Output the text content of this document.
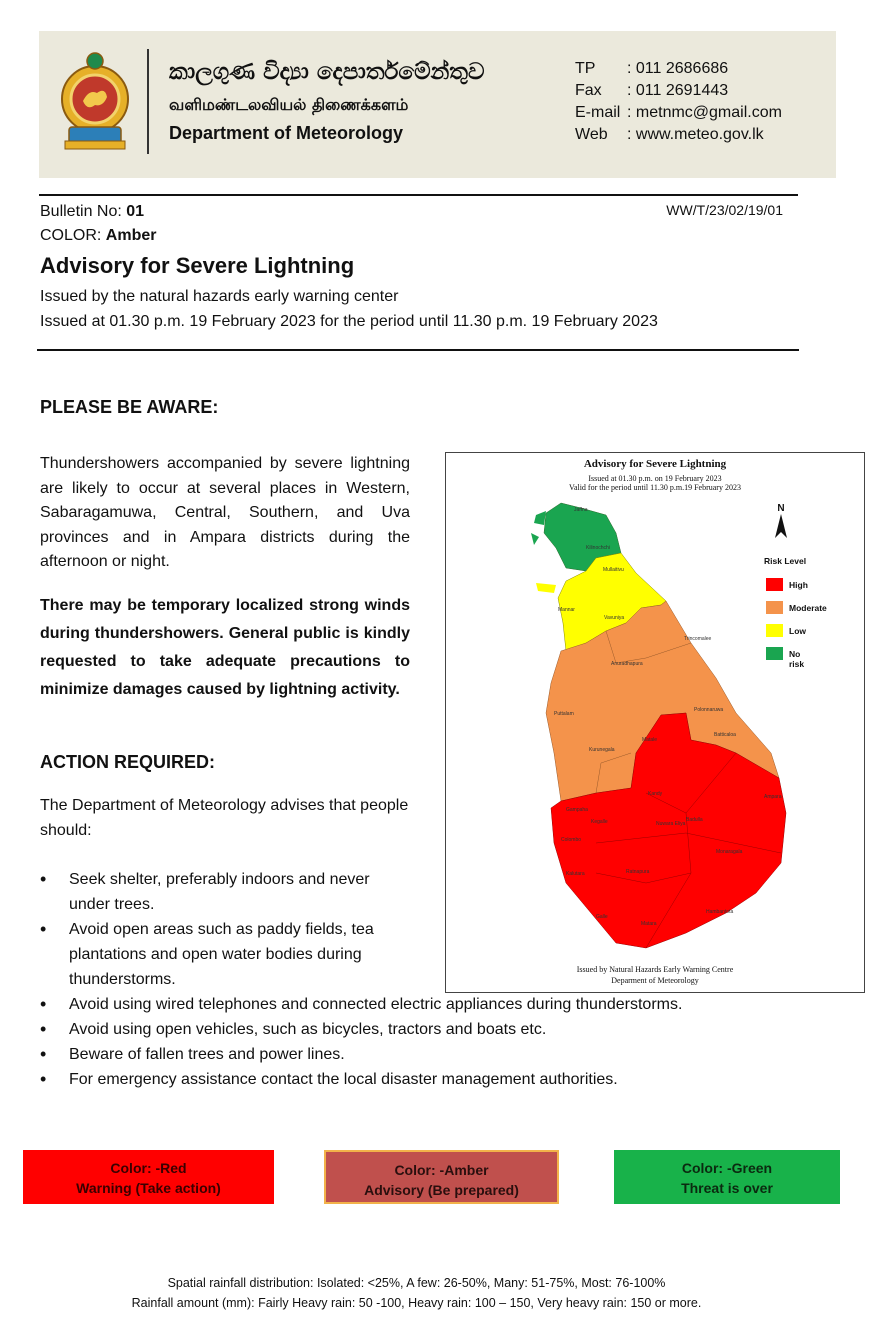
කාලගුණ විද්‍යා දෙපාර්තමේන්තුව
வளிமண்டலவியல் திணைக்களம்
Department of Meteorology
TP	: 011 2686686
Fax	: 011 2691443
E-mail : metnmc@gmail.com
Web	: www.meteo.gov.lk
Bulletin No: 01
COLOR: Amber
WW/T/23/02/19/01
Advisory for Severe Lightning
Issued by the natural hazards early warning center
Issued at 01.30 p.m. 19 February 2023 for the period until 11.30 p.m. 19 February 2023
PLEASE BE AWARE:
Thundershowers accompanied by severe lightning are likely to occur at several places in Western, Sabaragamuwa, Central, Southern, and Uva provinces and in Ampara districts during the afternoon or night.
There may be temporary localized strong winds during thundershowers. General public is kindly requested to take adequate precautions to minimize damages caused by lightning activity.
ACTION REQUIRED:
The Department of Meteorology advises that people should:
• Seek shelter, preferably indoors and never under trees.
• Avoid open areas such as paddy fields, tea plantations and open water bodies during thunderstorms.
• Avoid using wired telephones and connected electric appliances during thunderstorms.
• Avoid using open vehicles, such as bicycles, tractors and boats etc.
• Beware of fallen trees and power lines.
• For emergency assistance contact the local disaster management authorities.
Advisory for Severe Lightning
Issued at 01.30 p.m. on 19 February 2023
Valid for the period until 11.30 p.m.19 February 2023
Jaffna
Kilinochchi
Mullaitivu
Mannar
Vavuniya
Trincomalee
Anuradhapura
Puttalam
Polonnaruwa
Kurunegala
Matale
Batticaloa
Kandy	Ampara
Gampaha
Kegalle	Nuwara Eliya
Badulla
Colombo
Kalutara	Ratnapura
Monaragala
Galle
Matara
Hambantota
N
Risk Level
High
Moderate
Low
No risk
Issued by Natural Hazards Early Warning Centre
Deparment of Meteorology
Color: -Red
Warning (Take action)
Color: -Amber
Advisory (Be prepared)
Color: -Green
Threat is over
Spatial rainfall distribution: Isolated: <25%, A few: 26-50%, Many: 51-75%, Most: 76-100%
Rainfall amount (mm): Fairly Heavy rain: 50 -100, Heavy rain: 100 – 150, Very heavy rain: 150 or more.
